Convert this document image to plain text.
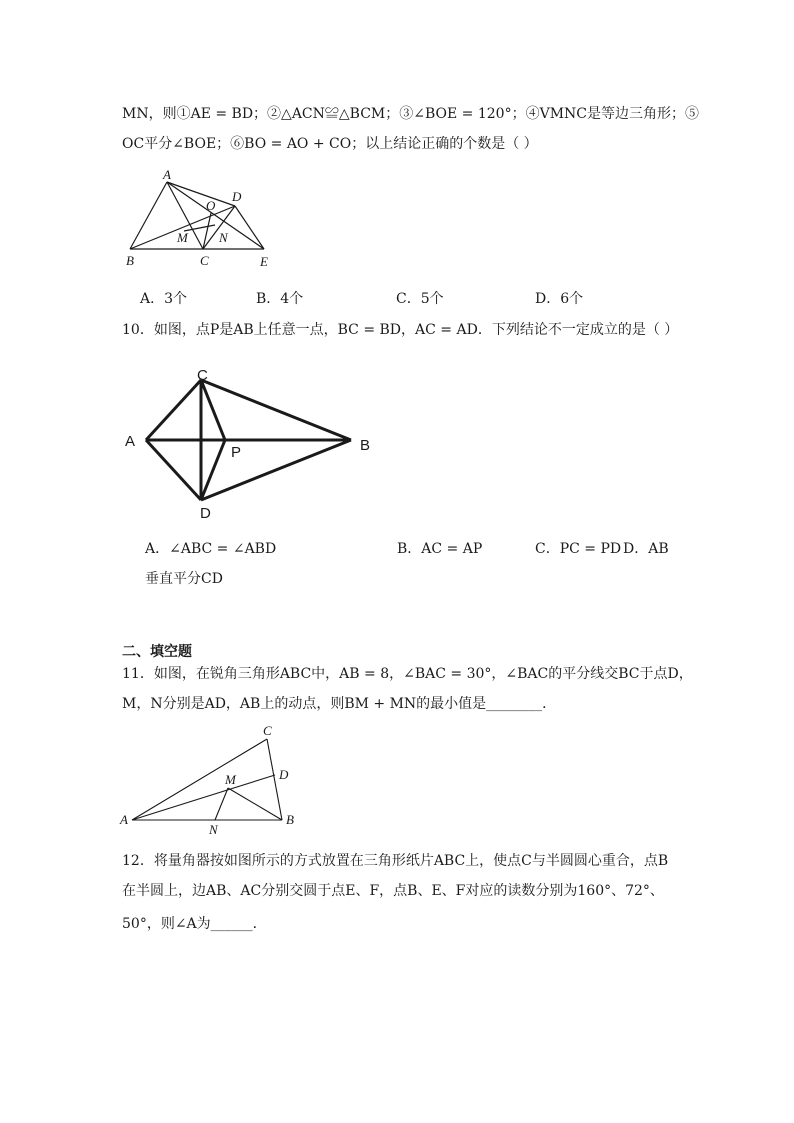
MN，则①AE = BD；②△ACN≌△BCM；③∠BOE = 120°；④VMNC是等边三角形；⑤
OC平分∠BOE；⑥BO = AO + CO；以上结论正确的个数是（ ）
A
D
O
M N
B	C	E
A．3个	B．4个	C．5个	D．6个
10．如图，点P是AB上任意一点，BC = BD，AC = AD．下列结论不一定成立的是（ ）
C
A
P	B
D
A．∠ABC = ∠ABD	B．AC = AP	C．PC = PD D．AB
垂直平分CD
二、填空题
11．如图，在锐角三角形ABC中，AB = 8，∠BAC = 30°，∠BAC的平分线交BC于点D，
M，N分别是AD，AB上的动点，则BM + MN的最小值是________．
C
D
M
A
N
B
12．将量角器按如图所示的方式放置在三角形纸片ABC上，使点C与半圆圆心重合，点B
在半圆上，边AB、AC分别交圆于点E、F，点B、E、F对应的读数分别为160°、72°、
50°，则∠A为______．
